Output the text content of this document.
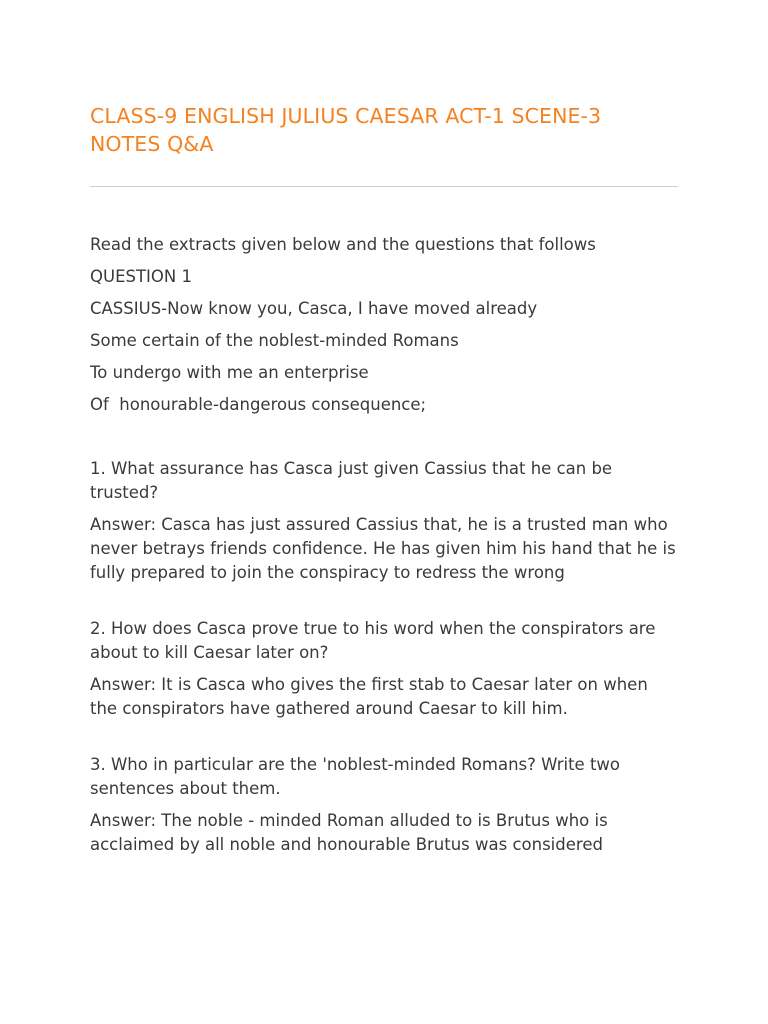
CLASS-9 ENGLISH JULIUS CAESAR ACT-1 SCENE-3 NOTES Q&A

Read the extracts given below and the questions that follows

QUESTION 1

CASSIUS-Now know you, Casca, I have moved already

Some certain of the noblest-minded Romans

To undergo with me an enterprise

Of  honourable-dangerous consequence;

1. What assurance has Casca just given Cassius that he can be trusted?

Answer: Casca has just assured Cassius that, he is a trusted man who never betrays friends confidence. He has given him his hand that he is fully prepared to join the conspiracy to redress the wrong

2. How does Casca prove true to his word when the conspirators are about to kill Caesar later on?

Answer: It is Casca who gives the first stab to Caesar later on when the conspirators have gathered around Caesar to kill him.

3. Who in particular are the 'noblest-minded Romans? Write two sentences about them.

Answer: The noble - minded Roman alluded to is Brutus who is acclaimed by all noble and honourable Brutus was considered
